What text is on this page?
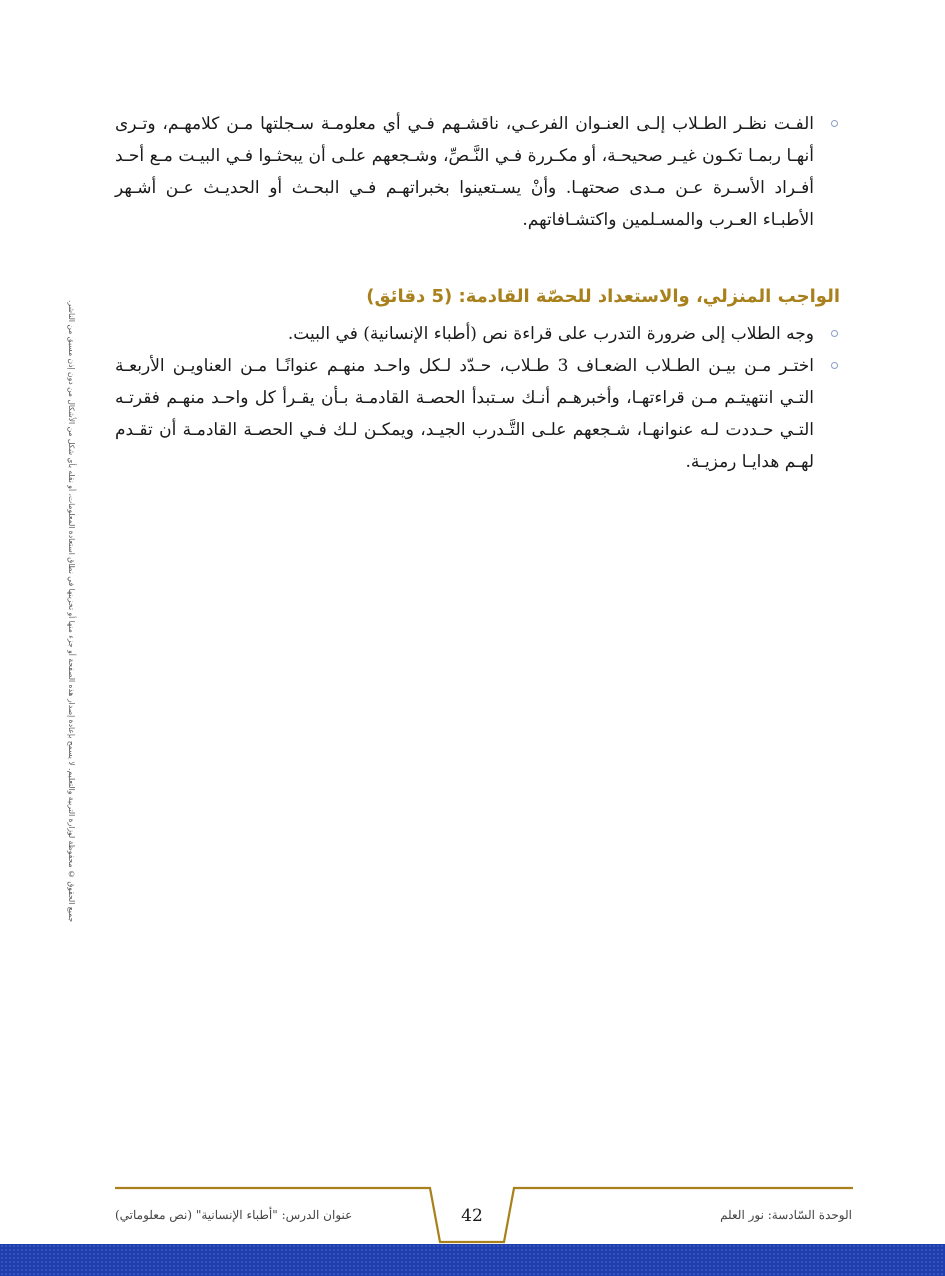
الفـت نظـر الطـلاب إلـى العنـوان الفرعـي، ناقشـهم فـي أي معلومـة سـجلتها مـن كلامهـم، وتـرى أنهـا ربمـا تكـون غيـر صحيحـة، أو مكـررة فـي النَّـصِّ، وشـجعهم علـى أن يبحثـوا فـي البيـت مـع أحـد أفـراد الأسـرة عـن مـدى صحتهـا. وأنْ يسـتعينوا بخبراتهـم فـي البحـث أو الحديـث عـن أشـهر الأطبـاء العـرب والمسـلمين واكتشـافاتهم.

الواجب المنزلي، والاستعداد للحصّة القادمة: (5 دقائق)

وجه الطلاب إلى ضرورة التدرب على قراءة نص (أطباء الإنسانية) في البيت.

اختـر مـن بيـن الطـلاب الضعـاف 3 طـلاب، حـدّد لـكل واحـد منهـم عنوانًـا مـن العناويـن الأربعـة التـي انتهيتـم مـن قراءتهـا، وأخبرهـم أنـك سـتبدأ الحصـة القادمـة بـأن يقـرأ كل واحـد منهـم فقرتـه التـي حـددت لـه عنوانهـا، شـجعهم علـى التَّـدرب الجيـد، ويمكـن لـك فـي الحصـة القادمـة أن تقـدم لهـم هدايـا رمزيـة.

جميع الحقوق © محفوظة لوزارة التربية والتعليم. لا يسمح بإعادة إصدار هذه الصفحة أو جزء منها أو تخزينها في نطاق استعادة المعلومات، أو نقله بأي شكل من الأشكال من دون إذن مسبق من الناشر.
الوحدة السّادسة: نور العلم
عنوان الدرس: "أطباء الإنسانية" (نص معلوماتي)	42
